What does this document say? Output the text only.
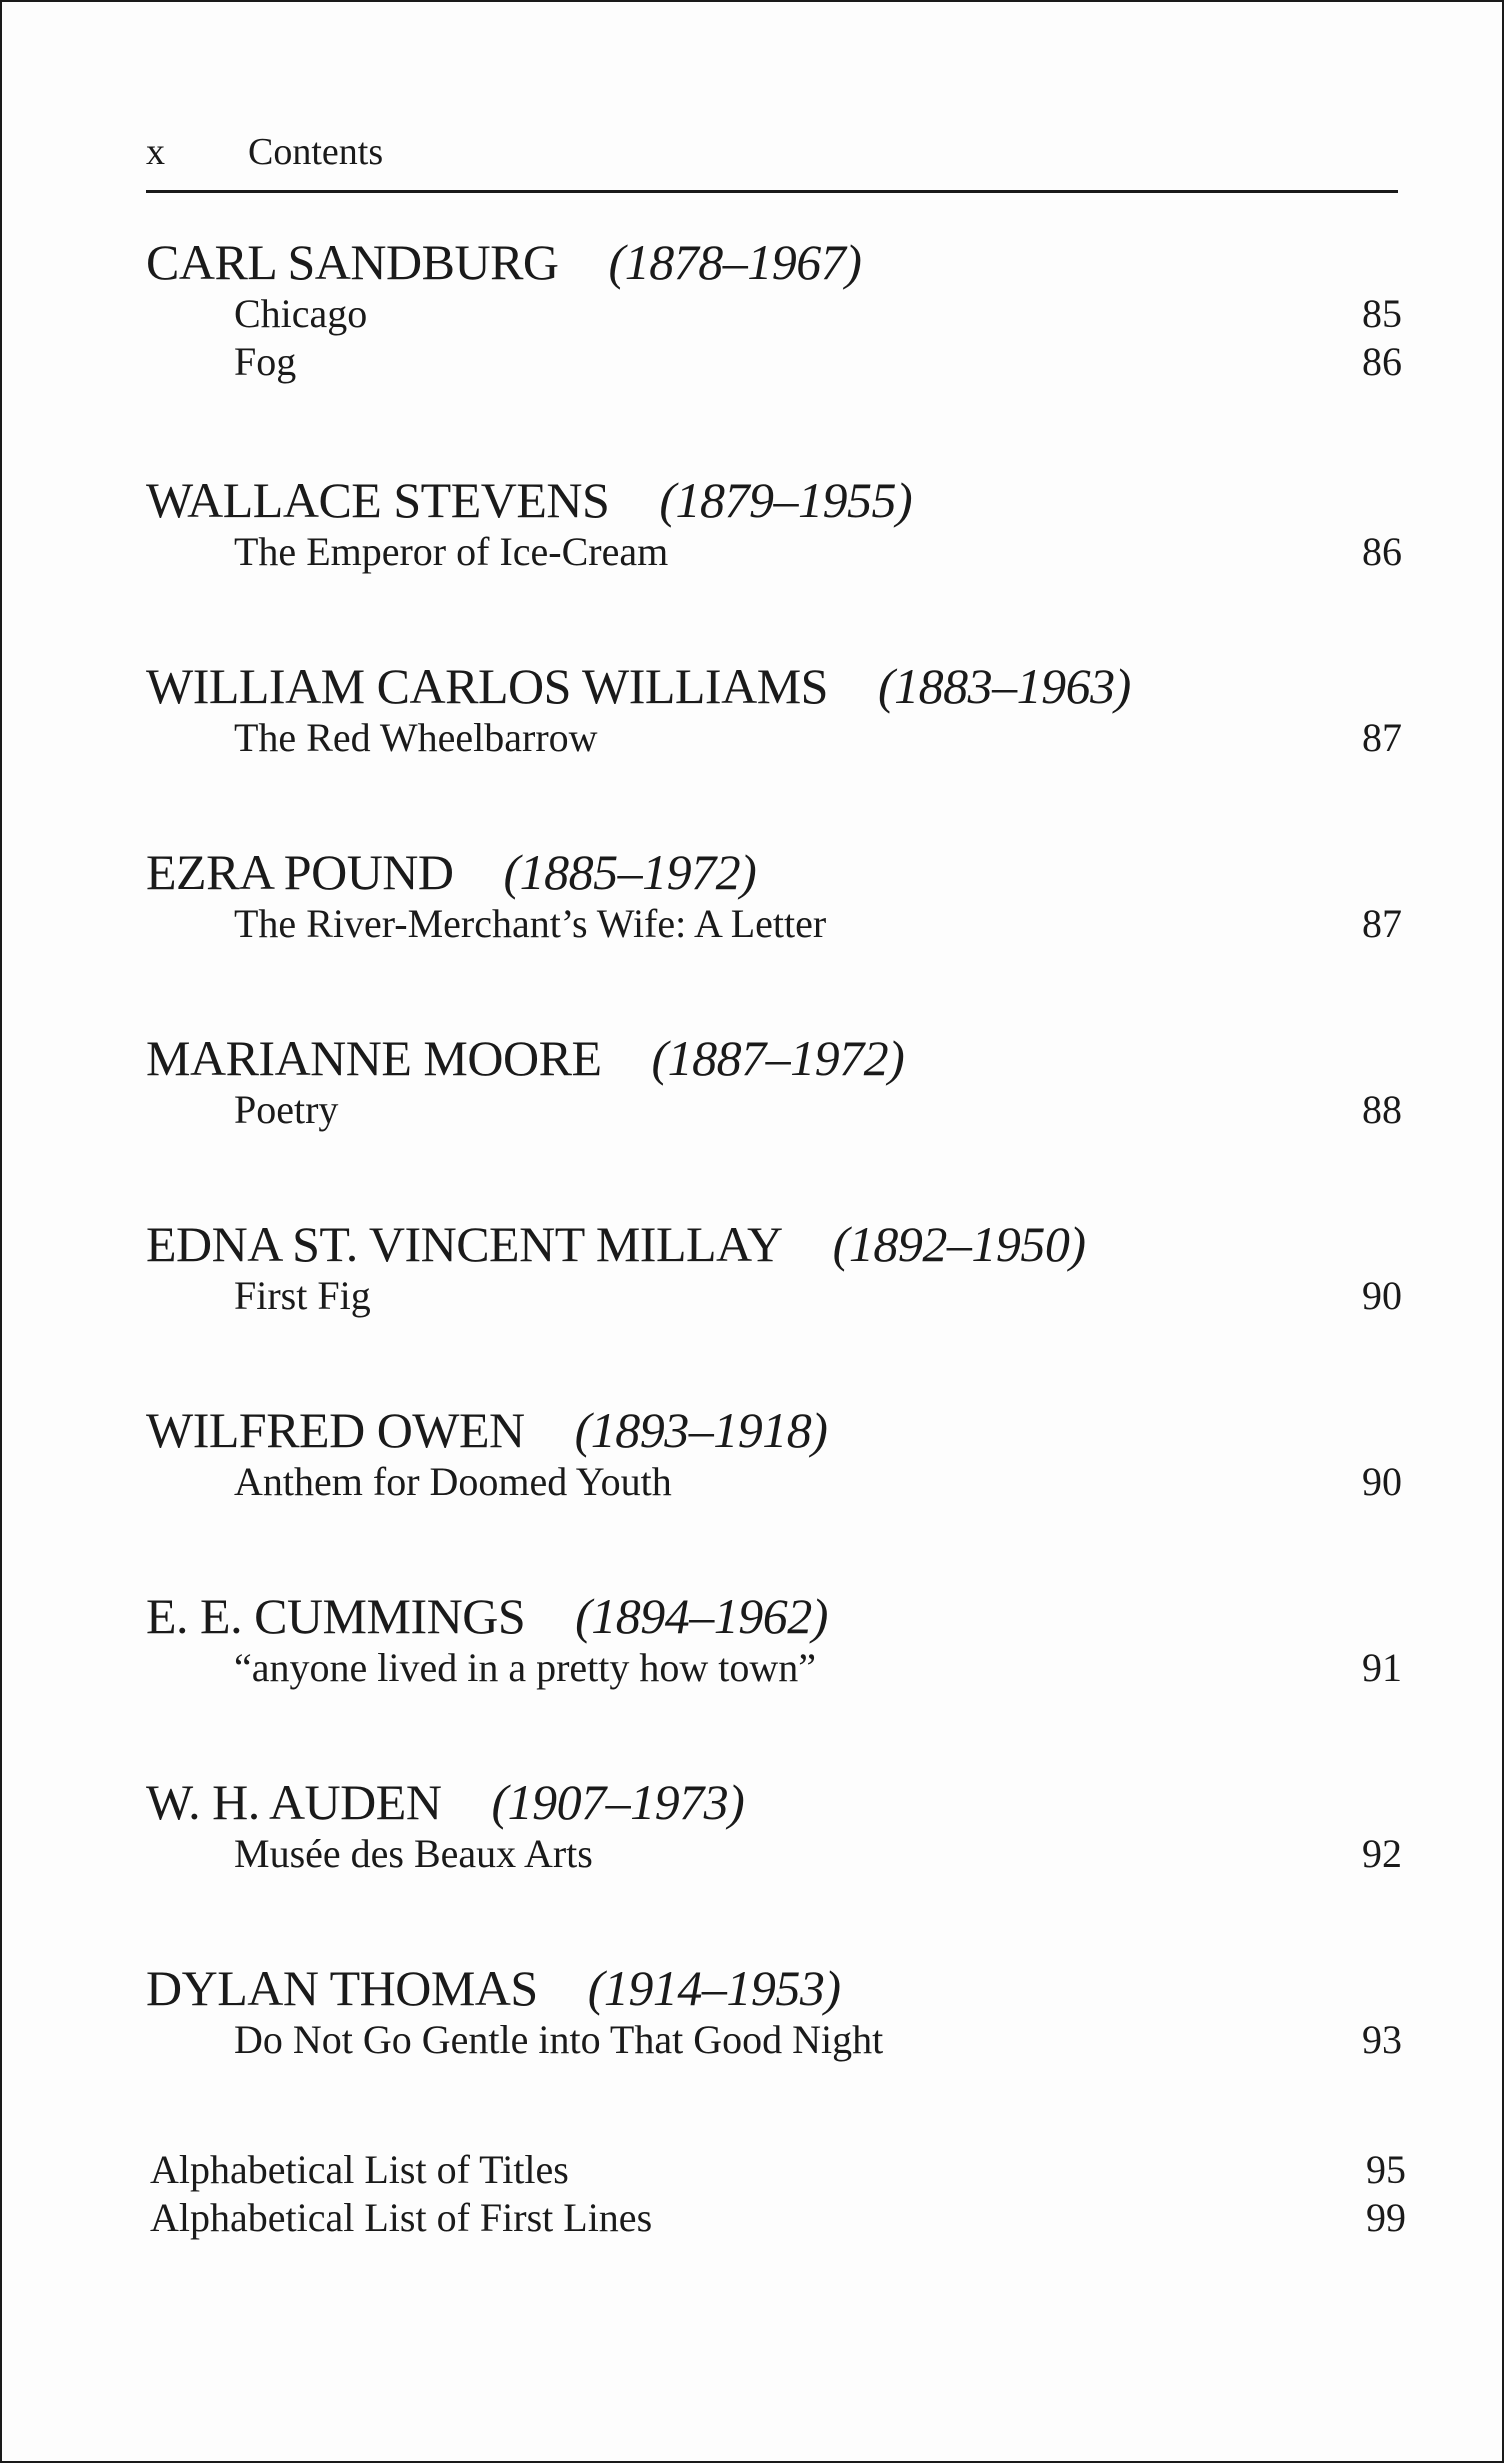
x Contents
CARL SANDBURG (1878–1967)
Chicago	85
Fog	86
WALLACE STEVENS (1879–1955)
The Emperor of Ice-Cream	86
WILLIAM CARLOS WILLIAMS (1883–1963)
The Red Wheelbarrow	87
EZRA POUND (1885–1972)
The River-Merchant’s Wife: A Letter	87
MARIANNE MOORE (1887–1972)
Poetry	88
EDNA ST. VINCENT MILLAY (1892–1950)
First Fig	90
WILFRED OWEN (1893–1918)
Anthem for Doomed Youth	90
E. E. CUMMINGS (1894–1962)
“anyone lived in a pretty how town”	91
W. H. AUDEN (1907–1973)
Musée des Beaux Arts	92
DYLAN THOMAS (1914–1953)
Do Not Go Gentle into That Good Night	93
Alphabetical List of Titles	95
Alphabetical List of First Lines	99
